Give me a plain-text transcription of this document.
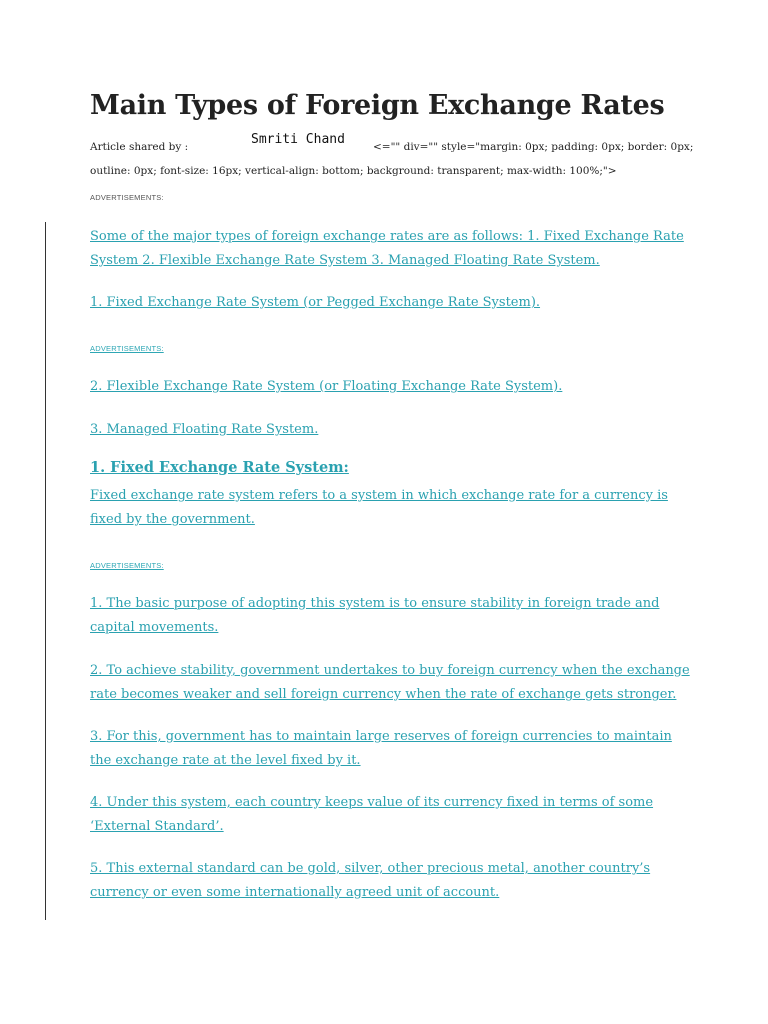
Main Types of Foreign Exchange Rates
Article shared by :	Smriti Chand	<="" div="" style="margin: 0px; padding: 0px; border: 0px;
outline: 0px; font-size: 16px; vertical-align: bottom; background: transparent; max-width: 100%;">
ADVERTISEMENTS:

Some of the major types of foreign exchange rates are as follows: 1. Fixed Exchange Rate System 2. Flexible Exchange Rate System 3. Managed Floating Rate System.

1. Fixed Exchange Rate System (or Pegged Exchange Rate System).

ADVERTISEMENTS:

2. Flexible Exchange Rate System (or Floating Exchange Rate System).

3. Managed Floating Rate System.

1. Fixed Exchange Rate System:

Fixed exchange rate system refers to a system in which exchange rate for a currency is fixed by the government.

ADVERTISEMENTS:

1. The basic purpose of adopting this system is to ensure stability in foreign trade and capital movements.

2. To achieve stability, government undertakes to buy foreign currency when the exchange rate becomes weaker and sell foreign currency when the rate of exchange gets stronger.

3. For this, government has to maintain large reserves of foreign currencies to maintain the exchange rate at the level fixed by it.

4. Under this system, each country keeps value of its currency fixed in terms of some ‘External Standard’.

5. This external standard can be gold, silver, other precious metal, another country’s currency or even some internationally agreed unit of account.
